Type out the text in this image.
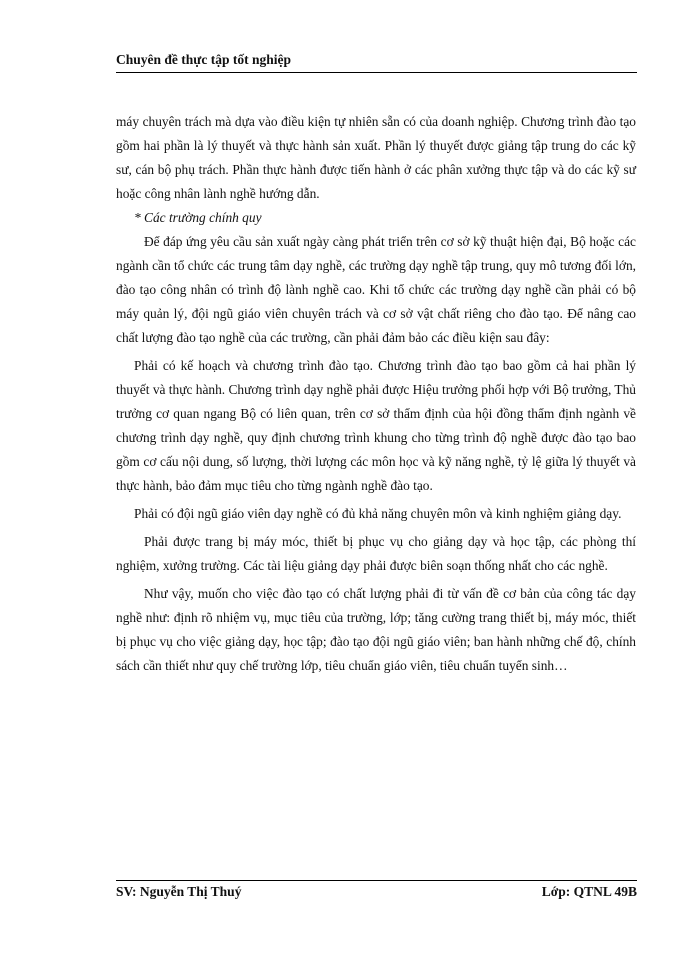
Chuyên đề thực tập tốt nghiệp

máy chuyên trách mà dựa vào điều kiện tự nhiên sẵn có của doanh nghiệp. Chương trình đào tạo gồm hai phần là lý thuyết và thực hành sản xuất. Phần lý thuyết được giảng tập trung do các kỹ sư, cán bộ phụ trách. Phần thực hành được tiến hành ở các phân xưởng thực tập và do các kỹ sư hoặc công nhân lành nghề hướng dẫn.

* Các trường chính quy

Để đáp ứng yêu cầu sản xuất ngày càng phát triển trên cơ sở kỹ thuật hiện đại, Bộ hoặc các ngành cần tổ chức các trung tâm dạy nghề, các trường dạy nghề tập trung, quy mô tương đối lớn, đào tạo công nhân có trình độ lành nghề cao. Khi tổ chức các trường dạy nghề cần phải có bộ máy quản lý, đội ngũ giáo viên chuyên trách và cơ sở vật chất riêng cho đào tạo. Để nâng cao chất lượng đào tạo nghề của các trường, cần phải đảm bảo các điều kiện sau đây:

Phải có kế hoạch và chương trình đào tạo. Chương trình đào tạo bao gồm cả hai phần lý thuyết và thực hành. Chương trình dạy nghề phải được Hiệu trưởng phối hợp với Bộ trưởng, Thủ trưởng cơ quan ngang Bộ có liên quan, trên cơ sở thẩm định của hội đồng thẩm định ngành về chương trình dạy nghề, quy định chương trình khung cho từng trình độ nghề được đào tạo bao gồm cơ cấu nội dung, số lượng, thời lượng các môn học và kỹ năng nghề, tỷ lệ giữa lý thuyết và thực hành, bảo đảm mục tiêu cho từng ngành nghề đào tạo.

Phải có đội ngũ giáo viên dạy nghề có đủ khả năng chuyên môn và kinh nghiệm giảng dạy.

Phải được trang bị máy móc, thiết bị phục vụ cho giảng dạy và học tập, các phòng thí nghiệm, xưởng trường. Các tài liệu giảng dạy phải được biên soạn thống nhất cho các nghề.

Như vậy, muốn cho việc đào tạo có chất lượng phải đi từ vấn đề cơ bản của công tác dạy nghề như: định rõ nhiệm vụ, mục tiêu của trường, lớp; tăng cường trang thiết bị, máy móc, thiết bị phục vụ cho việc giảng dạy, học tập; đào tạo đội ngũ giáo viên; ban hành những chế độ, chính sách cần thiết như quy chế trường lớp, tiêu chuẩn giáo viên, tiêu chuẩn tuyển sinh…

SV: Nguyễn Thị Thuý	Lớp: QTNL 49B
